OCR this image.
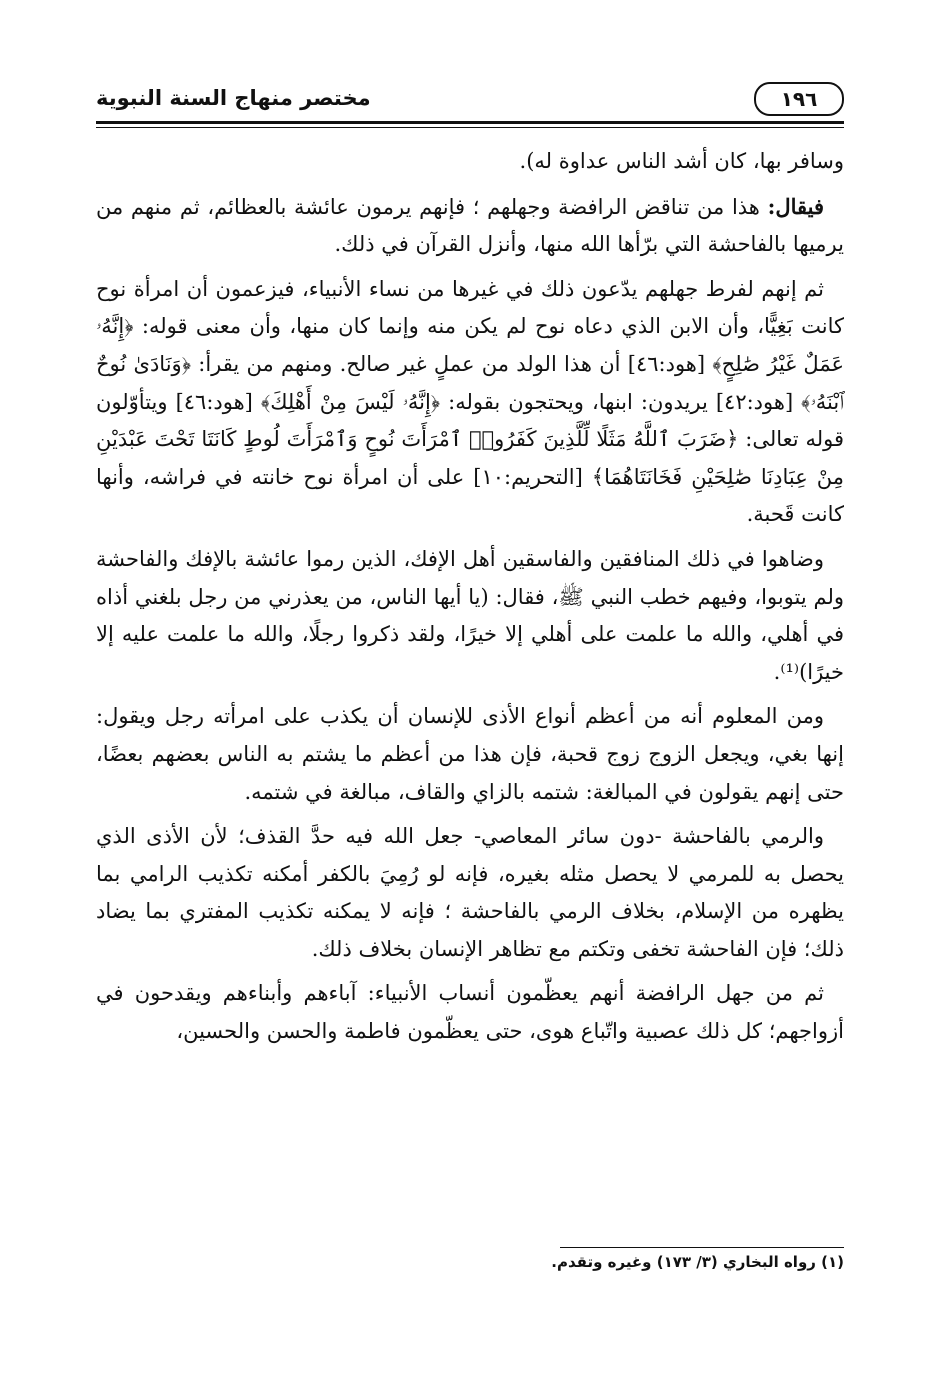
١٩٦
مختصر منهاج السنة النبوية

وسافر بها، كان أشد الناس عداوة له).

فيقال: هذا من تناقض الرافضة وجهلهم ؛ فإنهم يرمون عائشة بالعظائم، ثم منهم من يرميها بالفاحشة التي برّأها الله منها، وأنزل القرآن في ذلك.

ثم إنهم لفرط جهلهم يدّعون ذلك في غيرها من نساء الأنبياء، فيزعمون أن امرأة نوح كانت بَغِيًّا، وأن الابن الذي دعاه نوح لم يكن منه وإنما كان منها، وأن معنى قوله: ﴿إِنَّهُۥ عَمَلٌ غَيْرُ صَٰلِحٍ﴾ [هود:٤٦] أن هذا الولد من عملٍ غير صالح. ومنهم من يقرأ: ﴿وَنَادَىٰ نُوحٌ ٱبْنَهُۥ﴾ [هود:٤٢] يريدون: ابنها، ويحتجون بقوله: ﴿إِنَّهُۥ لَيْسَ مِنْ أَهْلِكَ﴾ [هود:٤٦] ويتأوّلون قوله تعالى: ﴿ضَرَبَ ٱللَّهُ مَثَلًا لِّلَّذِينَ كَفَرُوا۟ ٱمْرَأَتَ نُوحٍ وَٱمْرَأَتَ لُوطٍ كَانَتَا تَحْتَ عَبْدَيْنِ مِنْ عِبَادِنَا صَٰلِحَيْنِ فَخَانَتَاهُمَا﴾ [التحريم:١٠] على أن امرأة نوح خانته في فراشه، وأنها كانت قَحبة.

وضاهوا في ذلك المنافقين والفاسقين أهل الإفك، الذين رموا عائشة بالإفك والفاحشة ولم يتوبوا، وفيهم خطب النبي ﷺ، فقال: (يا أيها الناس، من يعذرني من رجل بلغني أذاه في أهلي، والله ما علمت على أهلي إلا خيرًا، ولقد ذكروا رجلًا، والله ما علمت عليه إلا خيرًا)⁽¹⁾.

ومن المعلوم أنه من أعظم أنواع الأذى للإنسان أن يكذب على امرأته رجل ويقول: إنها بغي، ويجعل الزوج زوج قحبة، فإن هذا من أعظم ما يشتم به الناس بعضهم بعضًا، حتى إنهم يقولون في المبالغة: شتمه بالزاي والقاف، مبالغة في شتمه.

والرمي بالفاحشة -دون سائر المعاصي- جعل الله فيه حدَّ القذف؛ لأن الأذى الذي يحصل به للمرمي لا يحصل مثله بغيره، فإنه لو رُمِيَ بالكفر أمكنه تكذيب الرامي بما يظهره من الإسلام، بخلاف الرمي بالفاحشة ؛ فإنه لا يمكنه تكذيب المفتري بما يضاد ذلك؛ فإن الفاحشة تخفى وتكتم مع تظاهر الإنسان بخلاف ذلك.

ثم من جهل الرافضة أنهم يعظّمون أنساب الأنبياء: آباءهم وأبناءهم ويقدحون في أزواجهم؛ كل ذلك عصبية واتّباع هوى، حتى يعظّمون فاطمة والحسن والحسين،

(١) رواه البخاري (٣/ ١٧٣) وغيره وتقدم.
